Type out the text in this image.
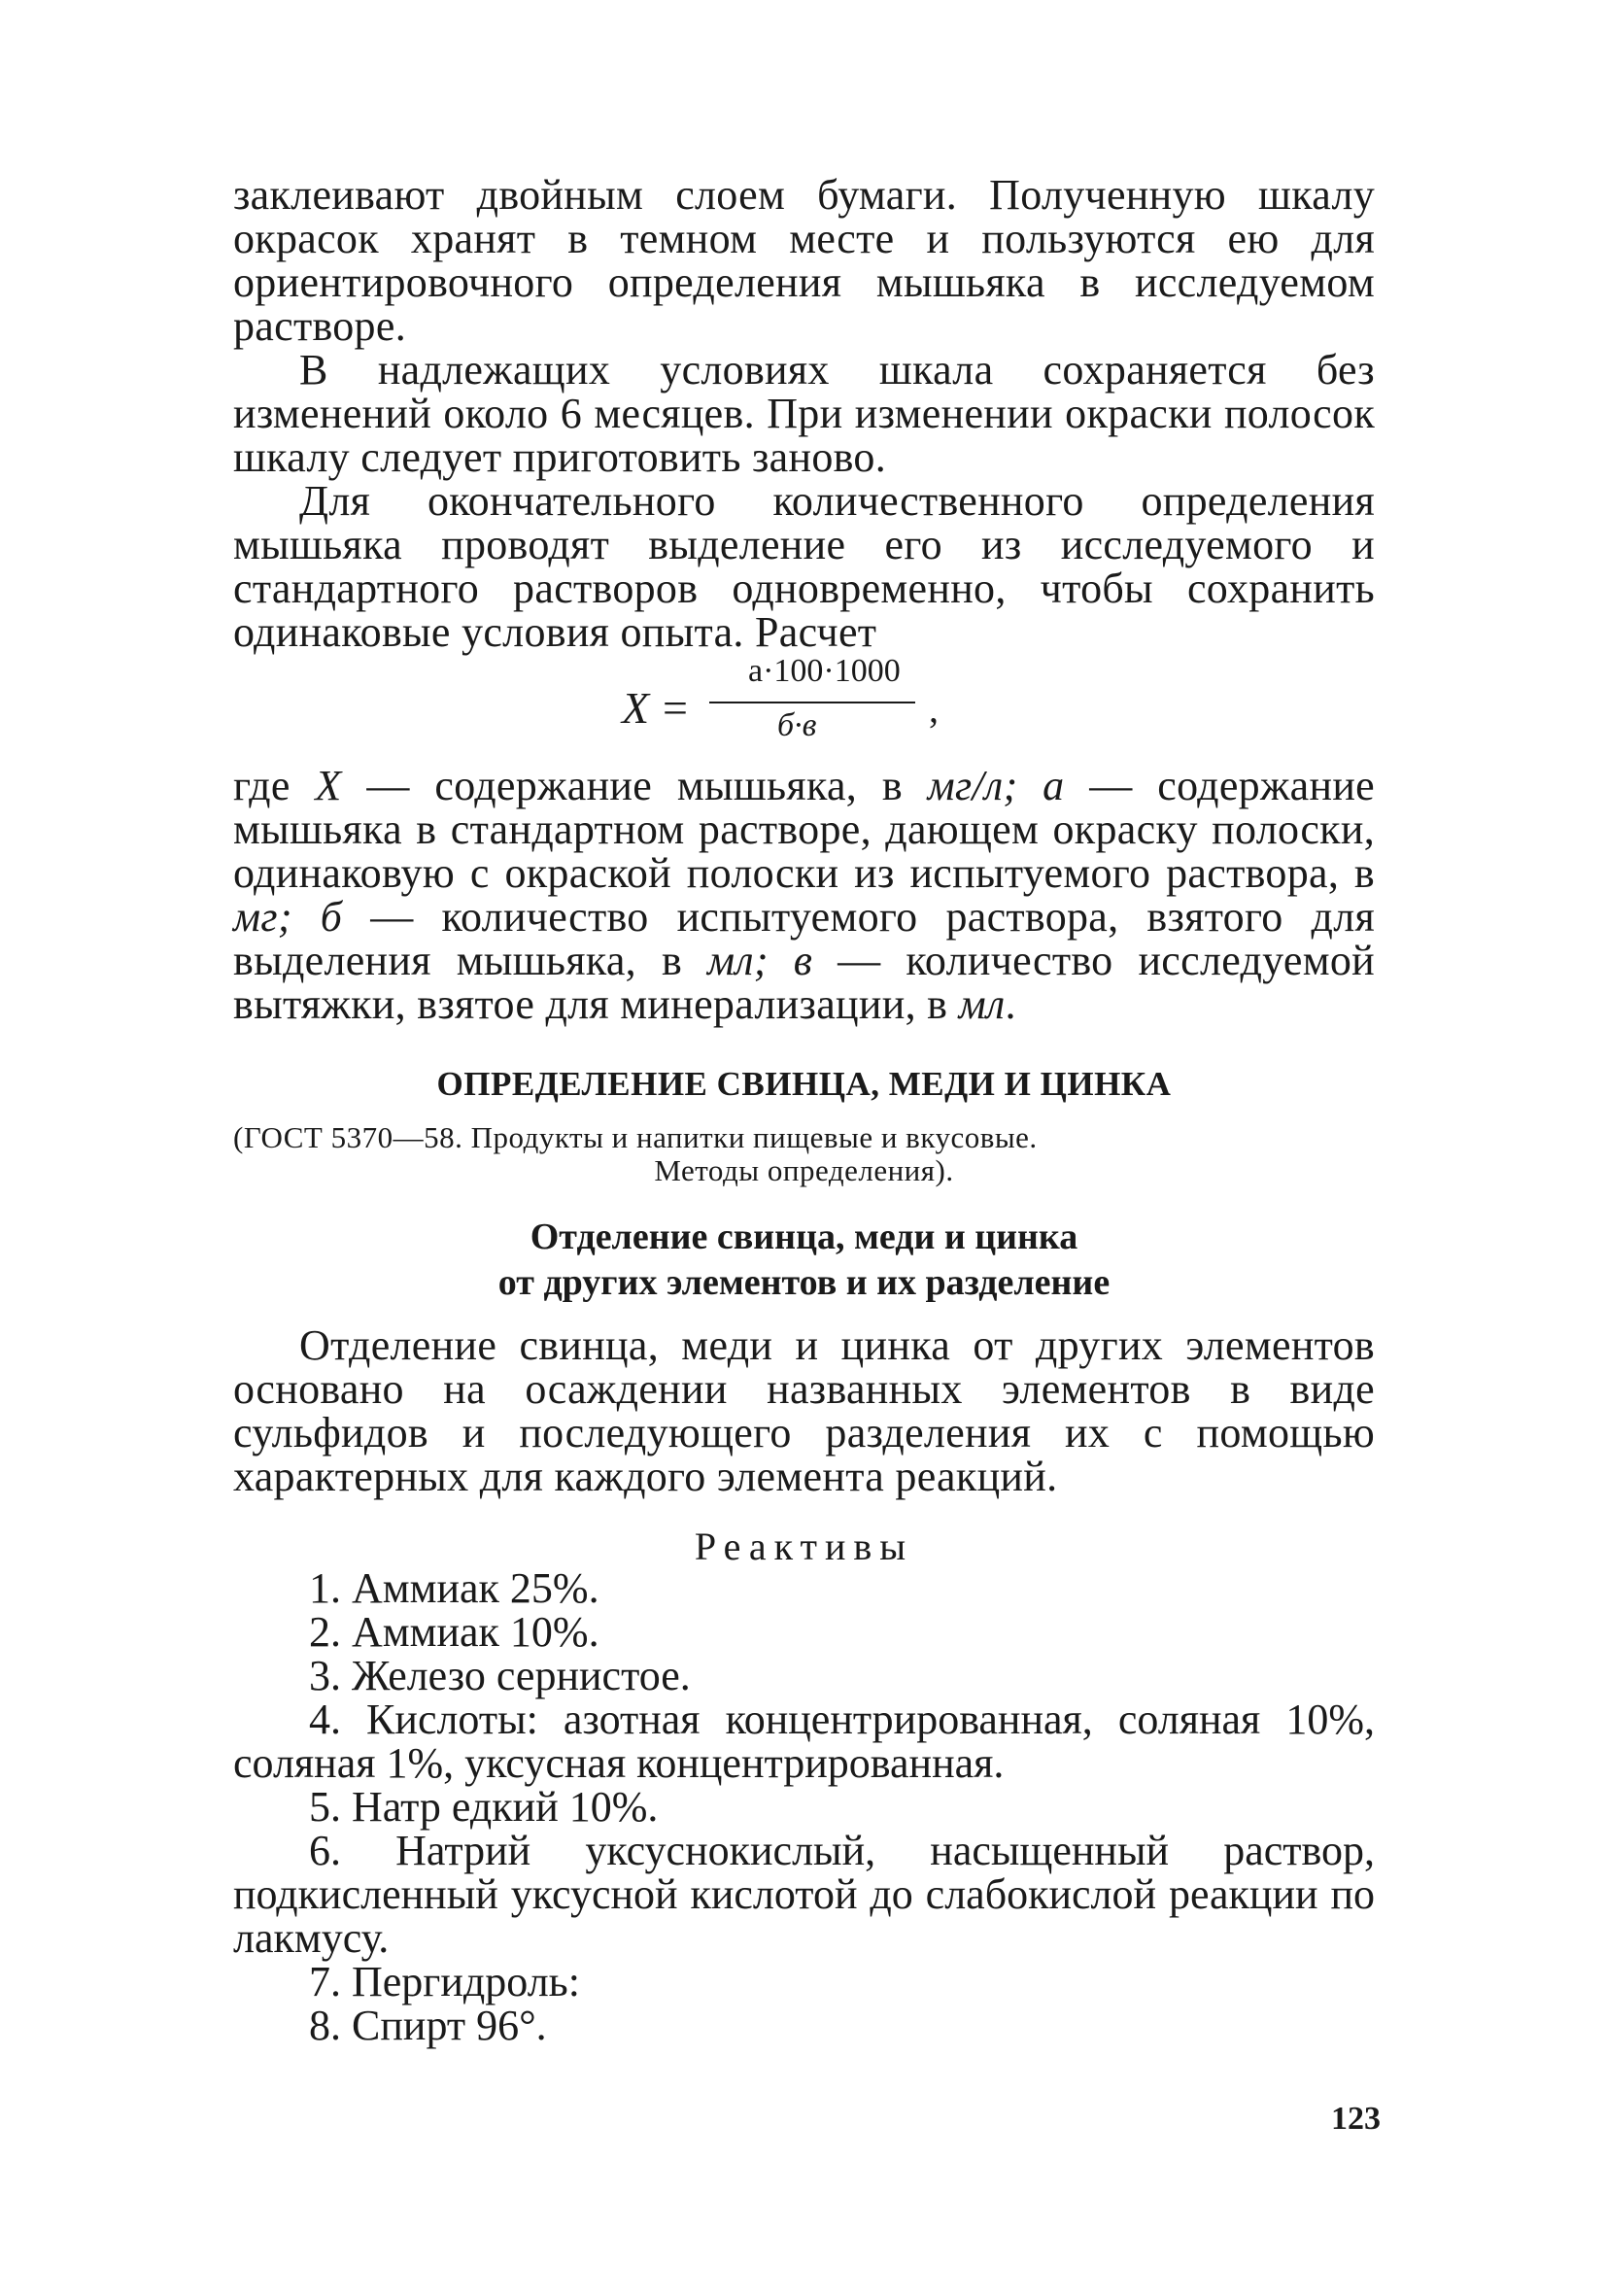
заклеивают двойным слоем бумаги. Полученную шкалу окрасок хранят в темном месте и пользуются ею для ориентировочного определения мышьяка в исследуемом растворе.

В надлежащих условиях шкала сохраняется без изменений около 6 месяцев. При изменении окраски полосок шкалу следует приготовить заново.

Для окончательного количественного определения мышьяка проводят выделение его из исследуемого и стандартного растворов одновременно, чтобы сохранить одинаковые условия опыта. Расчет

X =
а·100·1000
б·в	,

где X — содержание мышьяка, в мг/л; а — содержание мышьяка в стандартном растворе, дающем окраску полоски, одинаковую с окраской полоски из испытуемого раствора, в мг; б — количество испытуемого раствора, взятого для выделения мышьяка, в мл; в — количество исследуемой вытяжки, взятое для минерализации, в мл.

ОПРЕДЕЛЕНИЕ СВИНЦА, МЕДИ И ЦИНКА
(ГОСТ 5370—58. Продукты и напитки пищевые и вкусовые.
Методы определения).
Отделение свинца, меди и цинка
от других элементов и их разделение

Отделение свинца, меди и цинка от других элементов основано на осаждении названных элементов в виде сульфидов и последующего разделения их с помощью характерных для каждого элемента реакций.

Реактивы
1. Аммиак 25%.
2. Аммиак 10%.
3. Железо сернистое.
4. Кислоты: азотная концентрированная, соляная 10%, соляная 1%, уксусная концентрированная.
5. Натр едкий 10%.
6. Натрий уксуснокислый, насыщенный раствор, подкисленный уксусной кислотой до слабокислой реакции по лакмусу.
7. Пергидроль:
8. Спирт 96°.
123
